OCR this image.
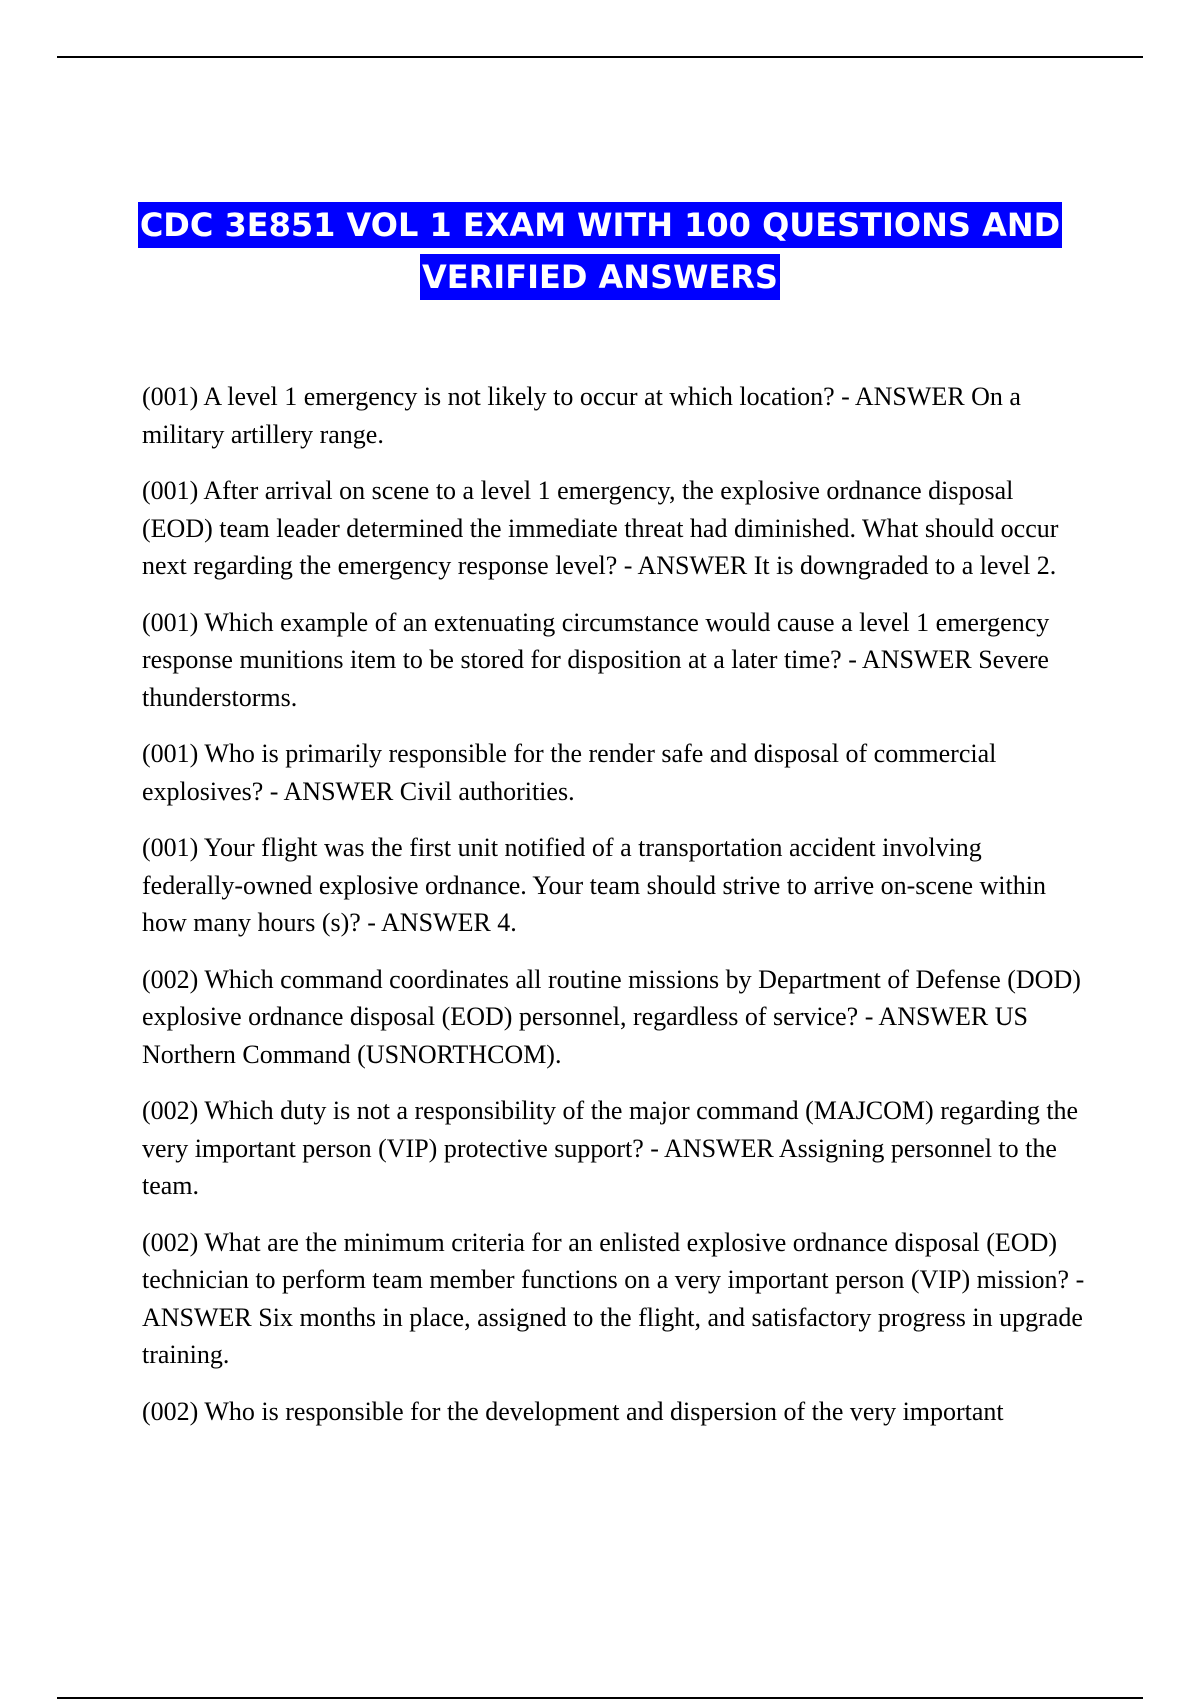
CDC 3E851 VOL 1 EXAM WITH 100 QUESTIONS AND
VERIFIED ANSWERS

(001) A level 1 emergency is not likely to occur at which location? - ANSWER On a military artillery range.

(001) After arrival on scene to a level 1 emergency, the explosive ordnance disposal (EOD) team leader determined the immediate threat had diminished. What should occur next regarding the emergency response level? - ANSWER It is downgraded to a level 2.

(001) Which example of an extenuating circumstance would cause a level 1 emergency response munitions item to be stored for disposition at a later time? - ANSWER Severe thunderstorms.

(001) Who is primarily responsible for the render safe and disposal of commercial explosives? - ANSWER Civil authorities.

(001) Your flight was the first unit notified of a transportation accident involving federally-owned explosive ordnance. Your team should strive to arrive on-scene within how many hours (s)? - ANSWER 4.

(002) Which command coordinates all routine missions by Department of Defense (DOD) explosive ordnance disposal (EOD) personnel, regardless of service? - ANSWER US Northern Command (USNORTHCOM).

(002) Which duty is not a responsibility of the major command (MAJCOM) regarding the very important person (VIP) protective support? - ANSWER Assigning personnel to the team.

(002) What are the minimum criteria for an enlisted explosive ordnance disposal (EOD) technician to perform team member functions on a very important person (VIP) mission? - ANSWER Six months in place, assigned to the flight, and satisfactory progress in upgrade training.

(002) Who is responsible for the development and dispersion of the very important
